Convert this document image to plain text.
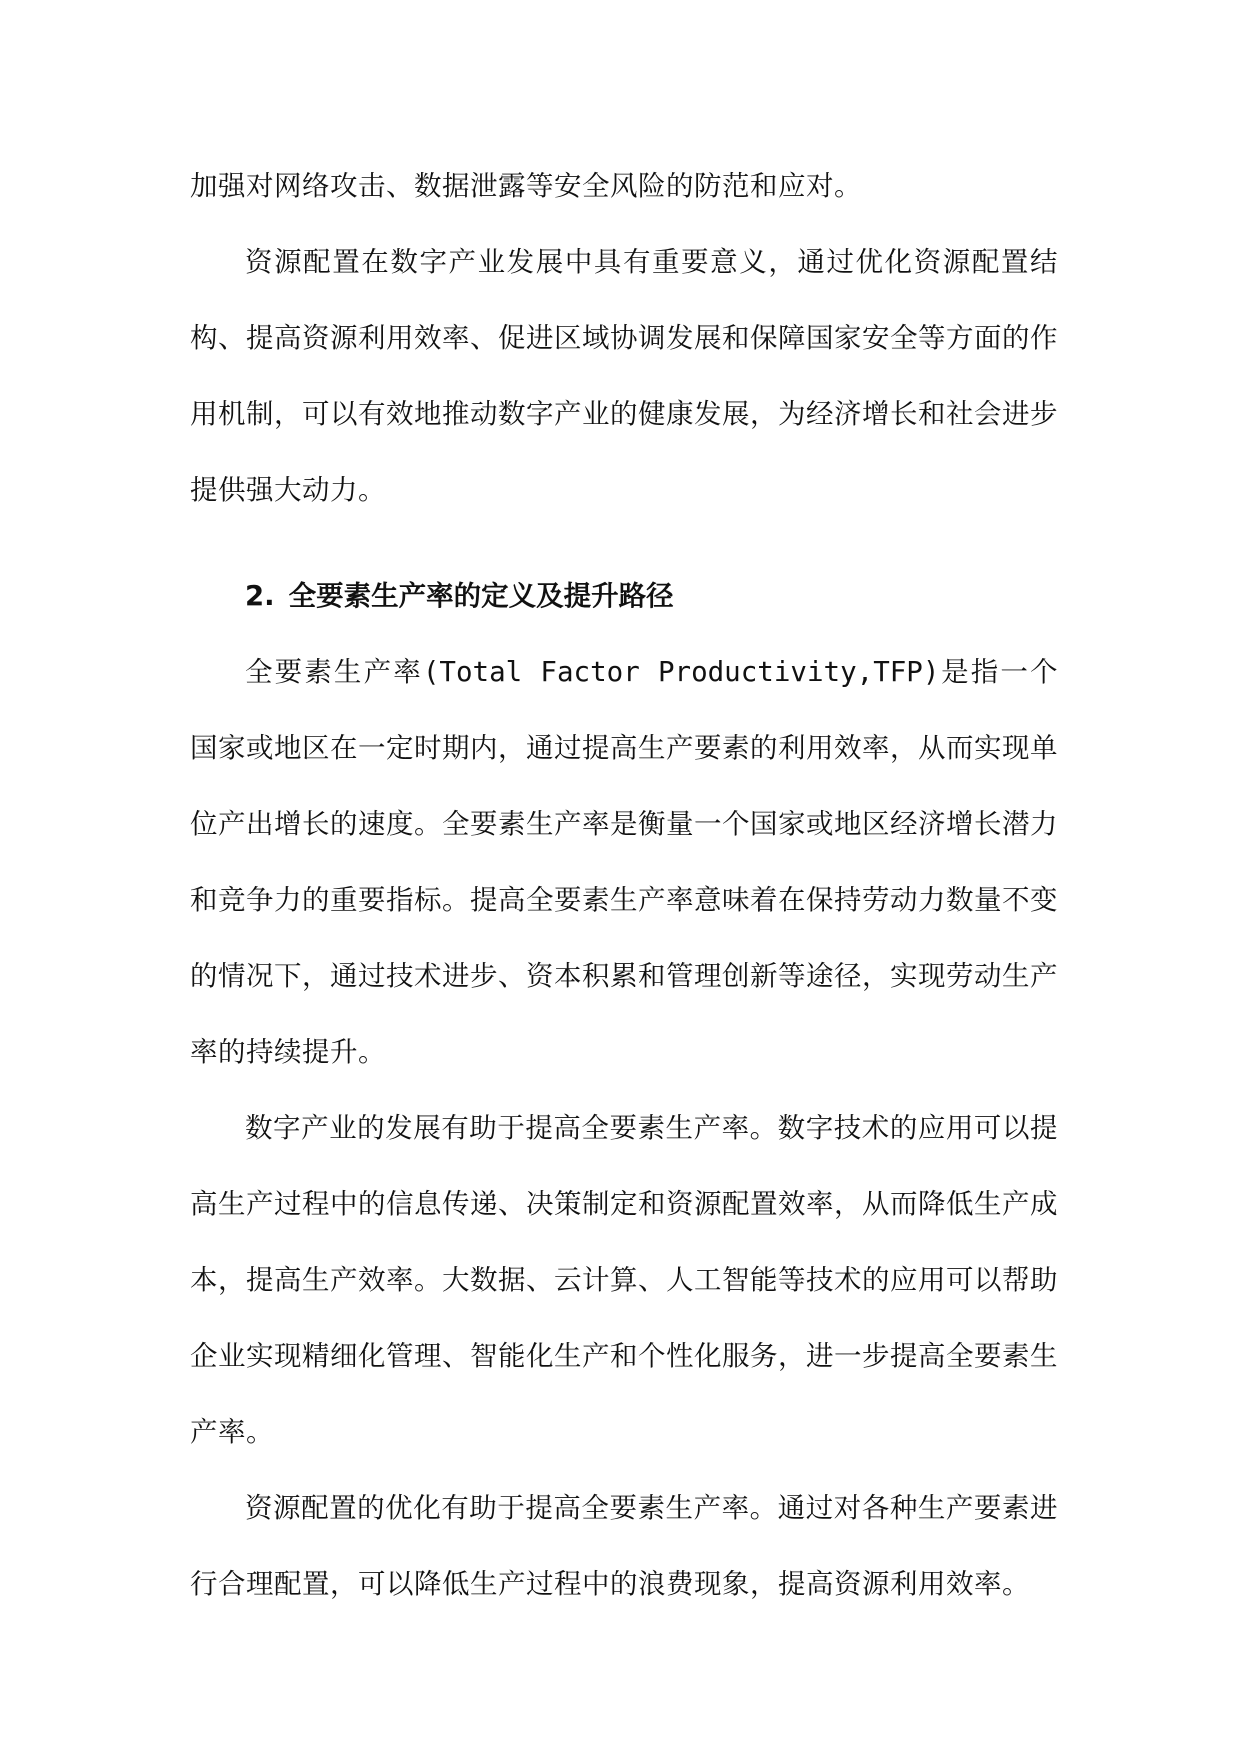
加强对网络攻击、数据泄露等安全风险的防范和应对。

资源配置在数字产业发展中具有重要意义，通过优化资源配置结构、提高资源利用效率、促进区域协调发展和保障国家安全等方面的作用机制，可以有效地推动数字产业的健康发展，为经济增长和社会进步提供强大动力。

2. 全要素生产率的定义及提升路径

全要素生产率(Total Factor Productivity,TFP)是指一个国家或地区在一定时期内，通过提高生产要素的利用效率，从而实现单位产出增长的速度。全要素生产率是衡量一个国家或地区经济增长潜力和竞争力的重要指标。提高全要素生产率意味着在保持劳动力数量不变的情况下，通过技术进步、资本积累和管理创新等途径，实现劳动生产率的持续提升。

数字产业的发展有助于提高全要素生产率。数字技术的应用可以提高生产过程中的信息传递、决策制定和资源配置效率，从而降低生产成本，提高生产效率。大数据、云计算、人工智能等技术的应用可以帮助企业实现精细化管理、智能化生产和个性化服务，进一步提高全要素生产率。

资源配置的优化有助于提高全要素生产率。通过对各种生产要素进行合理配置，可以降低生产过程中的浪费现象，提高资源利用效率。
